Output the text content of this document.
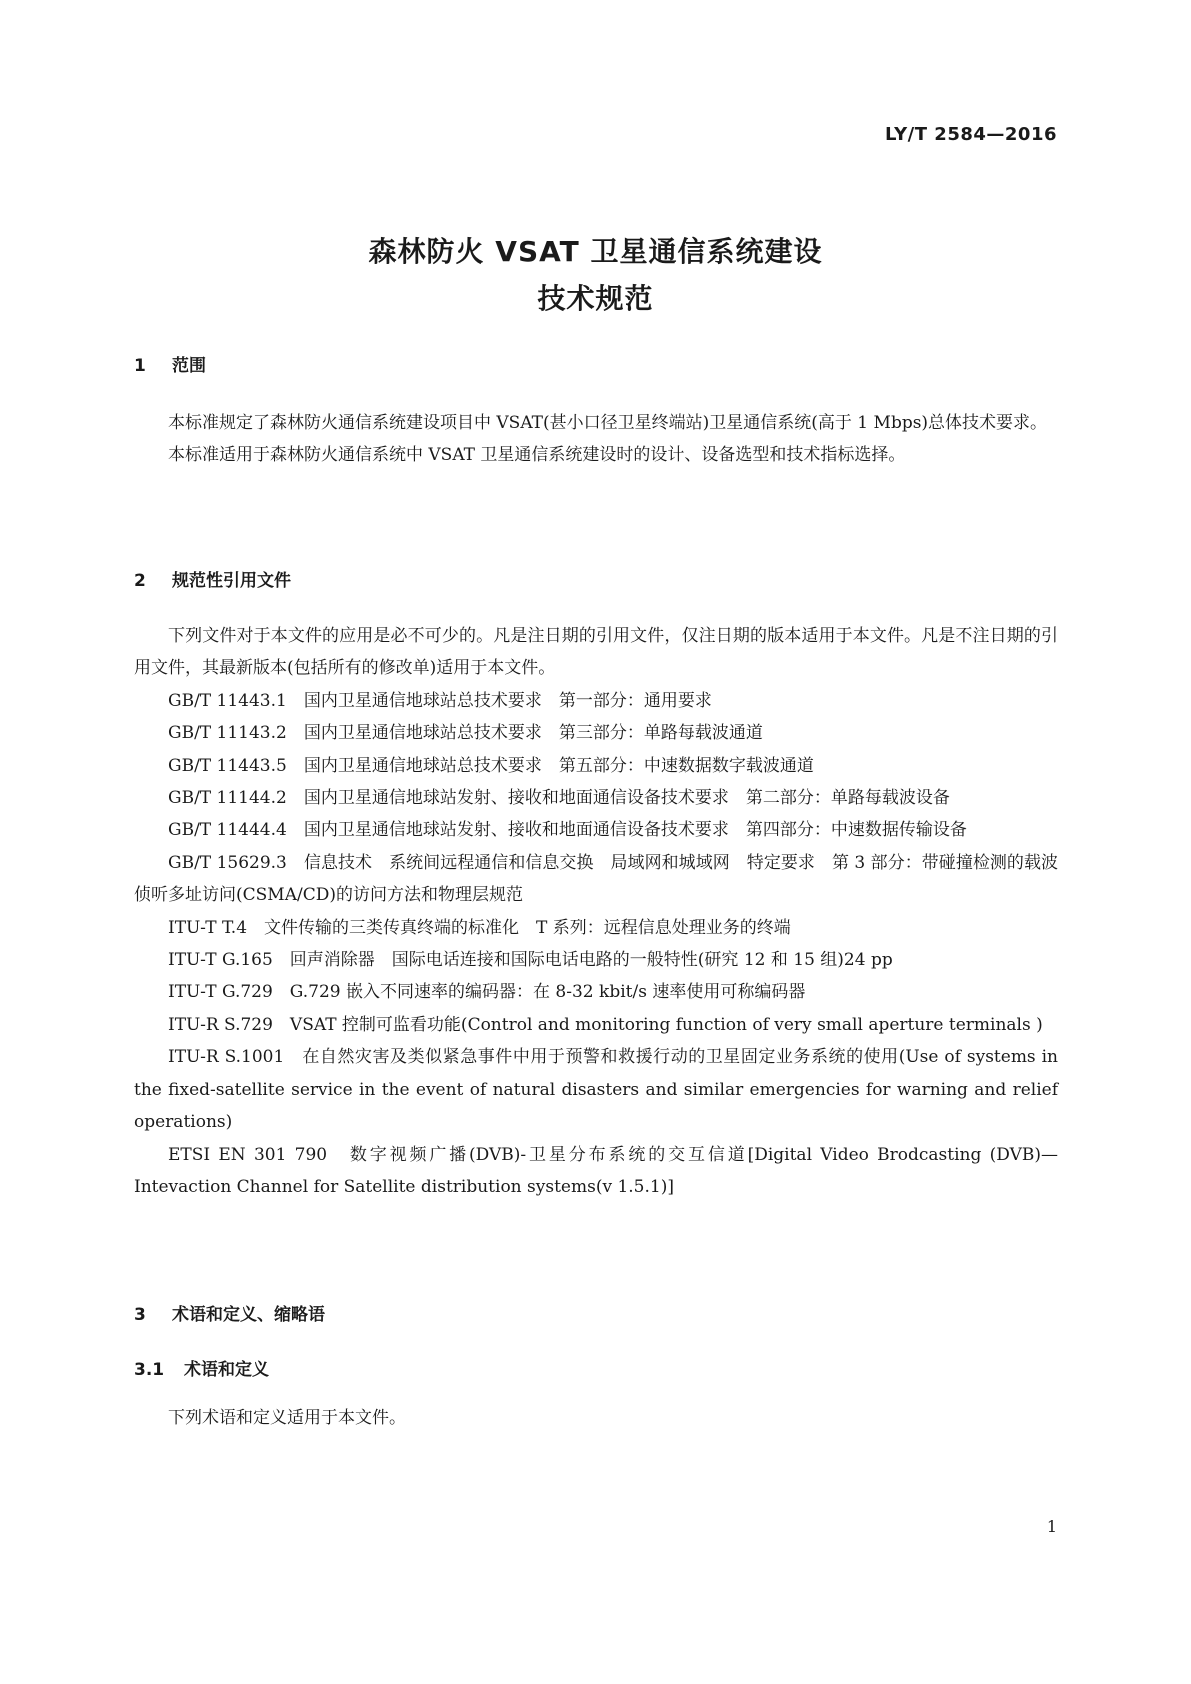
LY/T 2584—2016
森林防火 VSAT 卫星通信系统建设
技术规范
1 范围

本标准规定了森林防火通信系统建设项目中 VSAT(甚小口径卫星终端站)卫星通信系统(高于 1 Mbps)总体技术要求。

本标准适用于森林防火通信系统中 VSAT 卫星通信系统建设时的设计、设备选型和技术指标选择。

2 规范性引用文件

下列文件对于本文件的应用是必不可少的。凡是注日期的引用文件，仅注日期的版本适用于本文件。凡是不注日期的引用文件，其最新版本(包括所有的修改单)适用于本文件。

GB/T 11443.1　国内卫星通信地球站总技术要求　第一部分：通用要求

GB/T 11143.2　国内卫星通信地球站总技术要求　第三部分：单路每载波通道

GB/T 11443.5　国内卫星通信地球站总技术要求　第五部分：中速数据数字载波通道

GB/T 11144.2　国内卫星通信地球站发射、接收和地面通信设备技术要求　第二部分：单路每载波设备

GB/T 11444.4　国内卫星通信地球站发射、接收和地面通信设备技术要求　第四部分：中速数据传输设备

GB/T 15629.3　信息技术　系统间远程通信和信息交换　局域网和城域网　特定要求　第 3 部分：带碰撞检测的载波侦听多址访问(CSMA/CD)的访问方法和物理层规范

ITU-T T.4　文件传输的三类传真终端的标准化　T 系列：远程信息处理业务的终端

ITU-T G.165　回声消除器　国际电话连接和国际电话电路的一般特性(研究 12 和 15 组)24 pp

ITU-T G.729　G.729 嵌入不同速率的编码器：在 8-32 kbit/s 速率使用可称编码器

ITU-R S.729　VSAT 控制可监看功能(Control and monitoring function of very small aperture terminals )

ITU-R S.1001　在自然灾害及类似紧急事件中用于预警和救援行动的卫星固定业务系统的使用(Use of systems in the fixed-satellite service in the event of natural disasters and similar emergencies for warning and relief operations)

ETSI EN 301 790　数字视频广播(DVB)-卫星分布系统的交互信道[Digital Video Brodcasting (DVB)—Intevaction Channel for Satellite distribution systems(v 1.5.1)]

3 术语和定义、缩略语
3.1 术语和定义

下列术语和定义适用于本文件。

1
